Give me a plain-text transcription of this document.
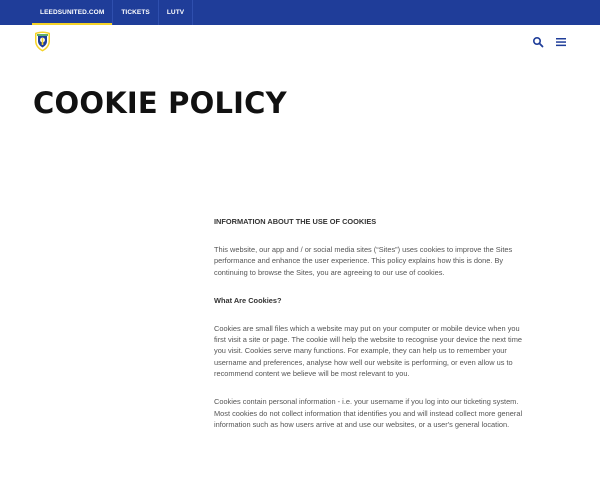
LEEDSUNITED.COM	TICKETS	LUTV
COOKIE POLICY
INFORMATION ABOUT THE USE OF COOKIES

This website, our app and / or social media sites (“Sites”) uses cookies to improve the Sites performance and enhance the user experience. This policy explains how this is done. By continuing to browse the Sites, you are agreeing to our use of cookies.

What Are Cookies?

Cookies are small files which a website may put on your computer or mobile device when you first visit a site or page. The cookie will help the website to recognise your device the next time you visit. Cookies serve many functions. For example, they can help us to remember your username and preferences, analyse how well our website is performing, or even allow us to recommend content we believe will be most relevant to you.

Cookies contain personal information - i.e. your username if you log into our ticketing system. Most cookies do not collect information that identifies you and will instead collect more general information such as how users arrive at and use our websites, or a user's general location.
